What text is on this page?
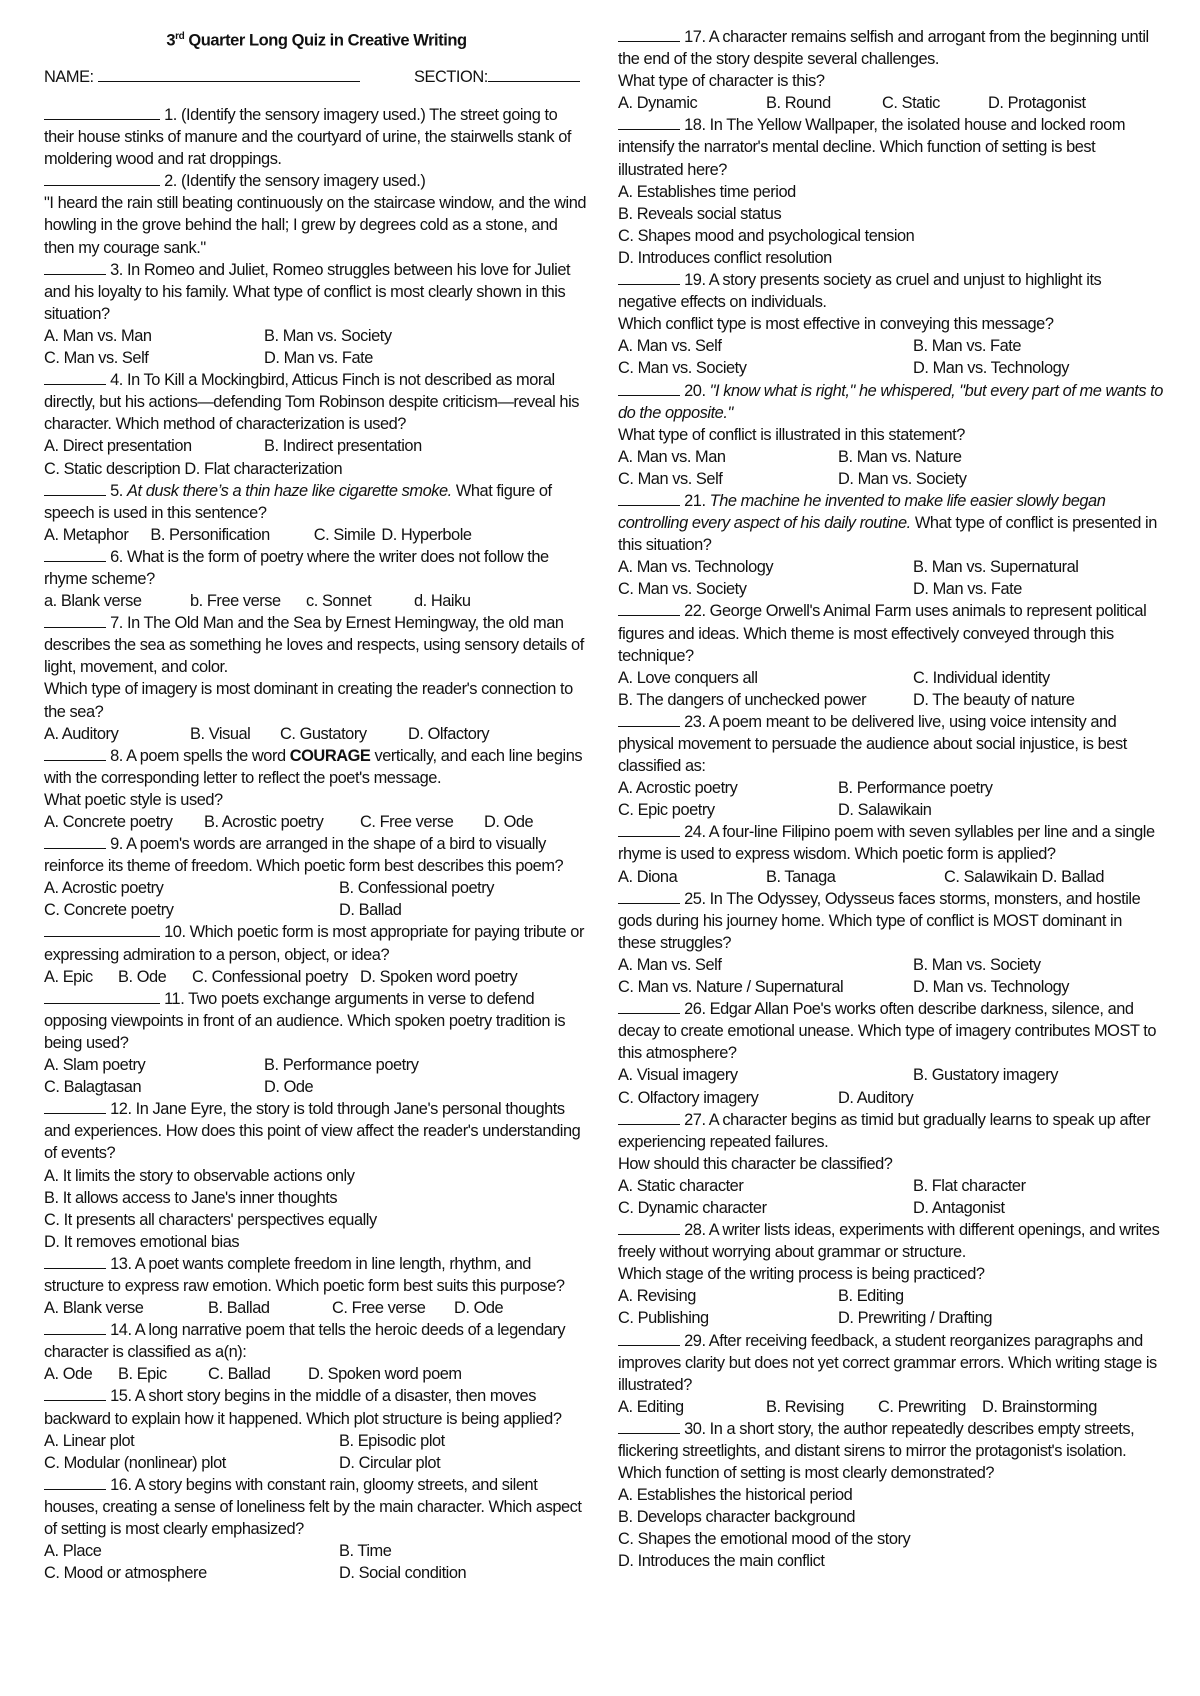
3rd Quarter Long Quiz in Creative Writing
NAME:	SECTION:

1. (Identify the sensory imagery used.) The street going to their house stinks of manure and the courtyard of urine, the stairwells stank of moldering wood and rat droppings.

2. (Identify the sensory imagery used.)

"I heard the rain still beating continuously on the staircase window, and the wind howling in the grove behind the hall; I grew by degrees cold as a stone, and then my courage sank."

3. In Romeo and Juliet, Romeo struggles between his love for Juliet and his loyalty to his family. What type of conflict is most clearly shown in this situation?

A. Man vs. Man	B. Man vs. Society
C. Man vs. Self	D. Man vs. Fate

4. In To Kill a Mockingbird, Atticus Finch is not described as moral directly, but his actions—defending Tom Robinson despite criticism—reveal his character. Which method of characterization is used?

A. Direct presentation	B. Indirect presentation

C. Static description D. Flat characterization

5. At dusk there’s a thin haze like cigarette smoke. What figure of speech is used in this sentence?

A. Metaphor B. Personification	C. Simile D. Hyperbole

6. What is the form of poetry where the writer does not follow the rhyme scheme?

a. Blank verse	b. Free verse	c. Sonnet	d. Haiku

7. In The Old Man and the Sea by Ernest Hemingway, the old man describes the sea as something he loves and respects, using sensory details of light, movement, and color.

Which type of imagery is most dominant in creating the reader's connection to the sea?

A. Auditory	B. Visual	C. Gustatory	D. Olfactory

8. A poem spells the word COURAGE vertically, and each line begins with the corresponding letter to reflect the poet's message.

What poetic style is used?

A. Concrete poetry	B. Acrostic poetry	C. Free verse	D. Ode

9. A poem's words are arranged in the shape of a bird to visually reinforce its theme of freedom. Which poetic form best describes this poem?

A. Acrostic poetry	B. Confessional poetry
C. Concrete poetry	D. Ballad

10. Which poetic form is most appropriate for paying tribute or expressing admiration to a person, object, or idea?

A. Epic	B. Ode	C. Confessional poetry D. Spoken word poetry

11. Two poets exchange arguments in verse to defend opposing viewpoints in front of an audience. Which spoken poetry tradition is being used?

A. Slam poetry	B. Performance poetry
C. Balagtasan	D. Ode

12. In Jane Eyre, the story is told through Jane's personal thoughts and experiences. How does this point of view affect the reader's understanding of events?

A. It limits the story to observable actions only

B. It allows access to Jane's inner thoughts

C. It presents all characters' perspectives equally

D. It removes emotional bias

13. A poet wants complete freedom in line length, rhythm, and structure to express raw emotion. Which poetic form best suits this purpose?

A. Blank verse	B. Ballad	C. Free verse	D. Ode

14. A long narrative poem that tells the heroic deeds of a legendary character is classified as a(n):

A. Ode	B. Epic	C. Ballad	D. Spoken word poem

15. A short story begins in the middle of a disaster, then moves backward to explain how it happened. Which plot structure is being applied?

A. Linear plot	B. Episodic plot
C. Modular (nonlinear) plot	D. Circular plot

16. A story begins with constant rain, gloomy streets, and silent houses, creating a sense of loneliness felt by the main character. Which aspect of setting is most clearly emphasized?

A. Place	B. Time
C. Mood or atmosphere	D. Social condition

17. A character remains selfish and arrogant from the beginning until the end of the story despite several challenges.

What type of character is this?

A. Dynamic	B. Round	C. Static	D. Protagonist

18. In The Yellow Wallpaper, the isolated house and locked room intensify the narrator's mental decline. Which function of setting is best illustrated here?

A. Establishes time period

B. Reveals social status

C. Shapes mood and psychological tension

D. Introduces conflict resolution

19. A story presents society as cruel and unjust to highlight its negative effects on individuals.

Which conflict type is most effective in conveying this message?

A. Man vs. Self	B. Man vs. Fate
C. Man vs. Society	D. Man vs. Technology

20. "I know what is right," he whispered, "but every part of me wants to do the opposite."

What type of conflict is illustrated in this statement?

A. Man vs. Man	B. Man vs. Nature
C. Man vs. Self	D. Man vs. Society

21. The machine he invented to make life easier slowly began controlling every aspect of his daily routine. What type of conflict is presented in this situation?

A. Man vs. Technology	B. Man vs. Supernatural
C. Man vs. Society	D. Man vs. Fate

22. George Orwell's Animal Farm uses animals to represent political figures and ideas. Which theme is most effectively conveyed through this technique?

A. Love conquers all	C. Individual identity
B. The dangers of unchecked power	D. The beauty of nature

23. A poem meant to be delivered live, using voice intensity and physical movement to persuade the audience about social injustice, is best classified as:

A. Acrostic poetry	B. Performance poetry
C. Epic poetry	D. Salawikain

24. A four-line Filipino poem with seven syllables per line and a single rhyme is used to express wisdom. Which poetic form is applied?

A. Diona	B. Tanaga	C. Salawikain D. Ballad

25. In The Odyssey, Odysseus faces storms, monsters, and hostile gods during his journey home. Which type of conflict is MOST dominant in these struggles?

A. Man vs. Self	B. Man vs. Society
C. Man vs. Nature / Supernatural	D. Man vs. Technology

26. Edgar Allan Poe's works often describe darkness, silence, and decay to create emotional unease. Which type of imagery contributes MOST to this atmosphere?

A. Visual imagery	B. Gustatory imagery
C. Olfactory imagery	D. Auditory

27. A character begins as timid but gradually learns to speak up after experiencing repeated failures.

How should this character be classified?

A. Static character	B. Flat character
C. Dynamic character	D. Antagonist

28. A writer lists ideas, experiments with different openings, and writes freely without worrying about grammar or structure.

Which stage of the writing process is being practiced?

A. Revising	B. Editing
C. Publishing	D. Prewriting / Drafting

29. After receiving feedback, a student reorganizes paragraphs and improves clarity but does not yet correct grammar errors. Which writing stage is illustrated?

A. Editing	B. Revising	C. Prewriting D. Brainstorming

30. In a short story, the author repeatedly describes empty streets, flickering streetlights, and distant sirens to mirror the protagonist's isolation. Which function of setting is most clearly demonstrated?

A. Establishes the historical period

B. Develops character background

C. Shapes the emotional mood of the story

D. Introduces the main conflict
